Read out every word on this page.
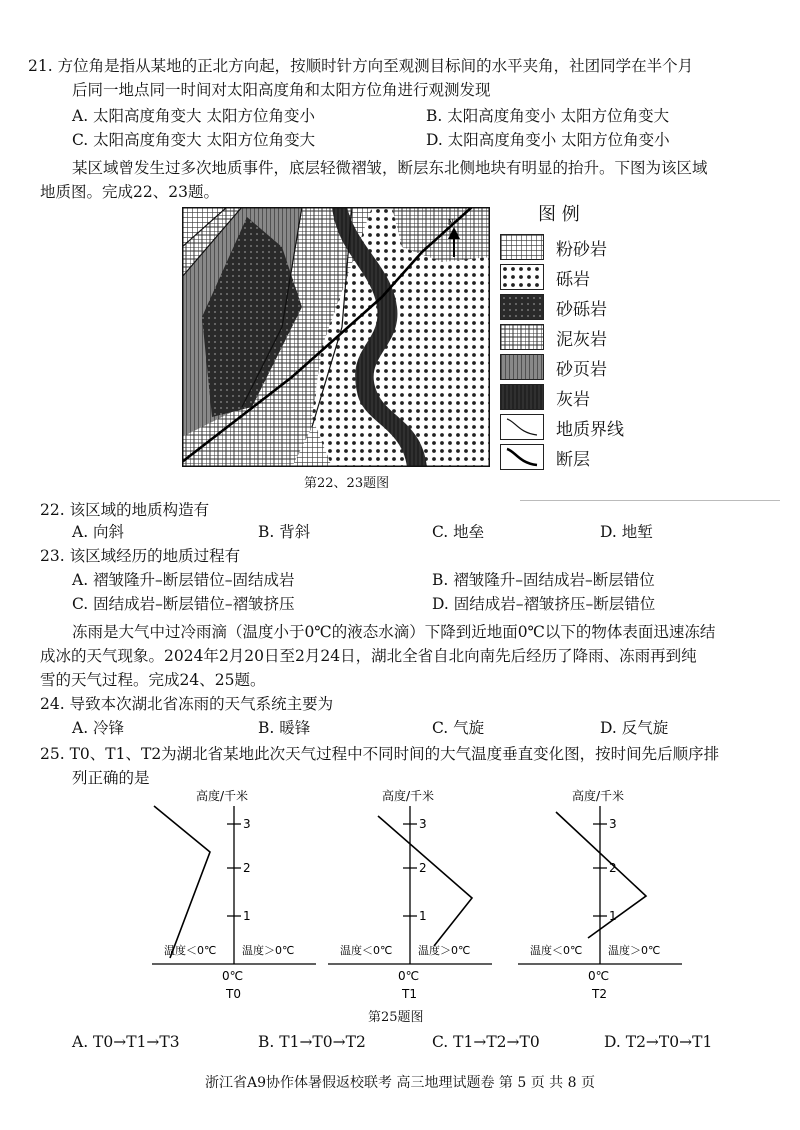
21. 方位角是指从某地的正北方向起，按顺时针方向至观测目标间的水平夹角，社团同学在半个月
后同一地点同一时间对太阳高度角和太阳方位角进行观测发现
A. 太阳高度角变大 太阳方位角变小	B. 太阳高度角变小 太阳方位角变大
C. 太阳高度角变大 太阳方位角变大	D. 太阳高度角变小 太阳方位角变小
某区域曾发生过多次地质事件，底层轻微褶皱，断层东北侧地块有明显的抬升。下图为该区域
地质图。完成22、23题。
N
第22、23题图
图 例
粉砂岩
砾岩
砂砾岩
泥灰岩
砂页岩
灰岩
地质界线
断层
22. 该区域的地质构造有
A. 向斜	B. 背斜	C. 地垒	D. 地堑
23. 该区域经历的地质过程有
A. 褶皱隆升–断层错位–固结成岩	B. 褶皱隆升–固结成岩–断层错位
C. 固结成岩–断层错位–褶皱挤压	D. 固结成岩–褶皱挤压–断层错位
冻雨是大气中过冷雨滴（温度小于0℃的液态水滴）下降到近地面0℃以下的物体表面迅速冻结
成冰的天气现象。2024年2月20日至2月24日，湖北全省自北向南先后经历了降雨、冻雨再到纯
雪的天气过程。完成24、25题。
24. 导致本次湖北省冻雨的天气系统主要为
A. 冷锋	B. 暖锋	C. 气旋	D. 反气旋
25. T0、T1、T2为湖北省某地此次天气过程中不同时间的大气温度垂直变化图，按时间先后顺序排
列正确的是
高度/千米
1
2
3
温度＜0℃ 温度＞0℃
0℃
T0
高度/千米
1
2
3
温度＜0℃ 温度＞0℃
0℃
T1
高度/千米
1
2
3
温度＜0℃ 温度＞0℃
0℃
T2
第25题图
A. T0→T1→T3	B. T1→T0→T2	C. T1→T2→T0	D. T2→T0→T1
浙江省A9协作体暑假返校联考 高三地理试题卷 第 5 页 共 8 页
